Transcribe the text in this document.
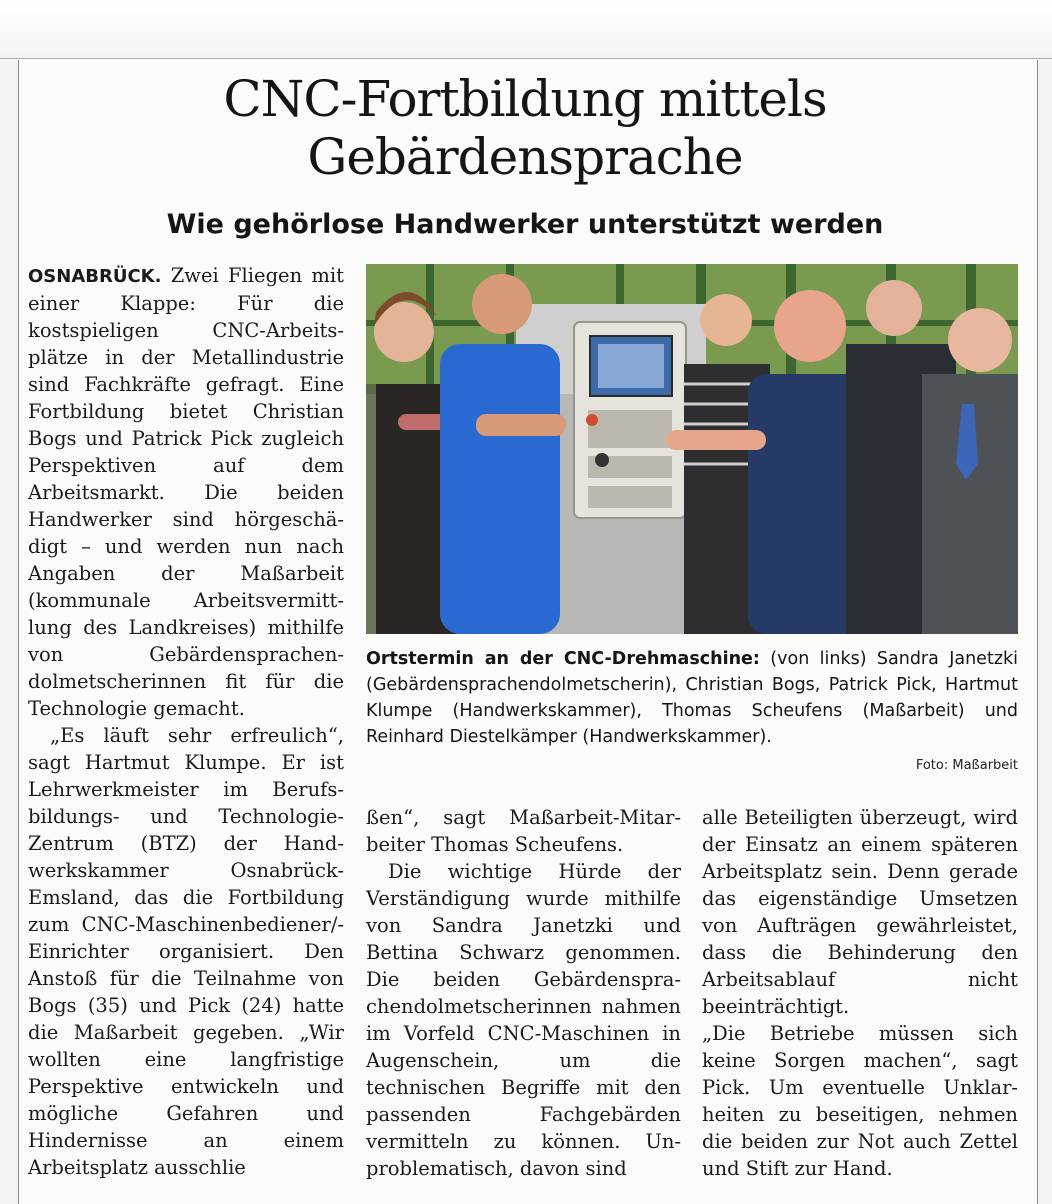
CNC-Fortbildung mittels
Gebärdensprache
Wie gehörlose Handwerker unterstützt werden

OSNABRÜCK. Zwei Fliegen mit einer Klappe: Für die kostspieligen CNC-Arbeitsplätze in der Metallindustrie sind Fachkräfte gefragt. Eine Fortbildung bietet Christian Bogs und Patrick Pick zugleich Perspektiven auf dem Arbeitsmarkt. Die beiden Handwerker sind hörgeschädigt – und werden nun nach Angaben der Maßarbeit (kommunale Arbeitsvermittlung des Landkreises) mithilfe von Gebärdensprachendolmetscherinnen fit für die Technologie gemacht.

„Es läuft sehr erfreulich“, sagt Hartmut Klumpe. Er ist Lehrwerkmeister im Berufsbildungs- und Technologie-Zentrum (BTZ) der Handwerkskammer Osnabrück-Emsland, das die Fortbildung zum CNC-Maschinenbediener/-Einrichter organisiert. Den Anstoß für die Teilnahme von Bogs (35) und Pick (24) hatte die Maßarbeit gegeben. „Wir wollten eine langfristige Perspektive entwickeln und mögliche Gefahren und Hindernisse an einem Arbeitsplatz ausschlie

Ortstermin an der CNC-Drehmaschine: (von links) Sandra Janetzki (Gebärdensprachendolmetscherin), Christian Bogs, Patrick Pick, Hartmut Klumpe (Handwerkskammer), Thomas Scheufens (Maßarbeit) und Reinhard Diestelkämper (Handwerkskammer).
Foto: Maßarbeit

ßen“, sagt Maßarbeit-Mitarbeiter Thomas Scheufens.

Die wichtige Hürde der Verständigung wurde mithilfe von Sandra Janetzki und Bettina Schwarz genommen. Die beiden Gebärdensprachendolmetscherinnen nahmen im Vorfeld CNC-Maschinen in Augenschein, um die technischen Begriffe mit den passenden Fachgebärden vermitteln zu können. Unproblematisch, davon sind

alle Beteiligten überzeugt, wird der Einsatz an einem späteren Arbeitsplatz sein. Denn gerade das eigenständige Umsetzen von Aufträgen gewährleistet, dass die Behinderung den Arbeitsablauf nicht beeinträchtigt.

„Die Betriebe müssen sich keine Sorgen machen“, sagt Pick. Um eventuelle Unklarheiten zu beseitigen, nehmen die beiden zur Not auch Zettel und Stift zur Hand.
